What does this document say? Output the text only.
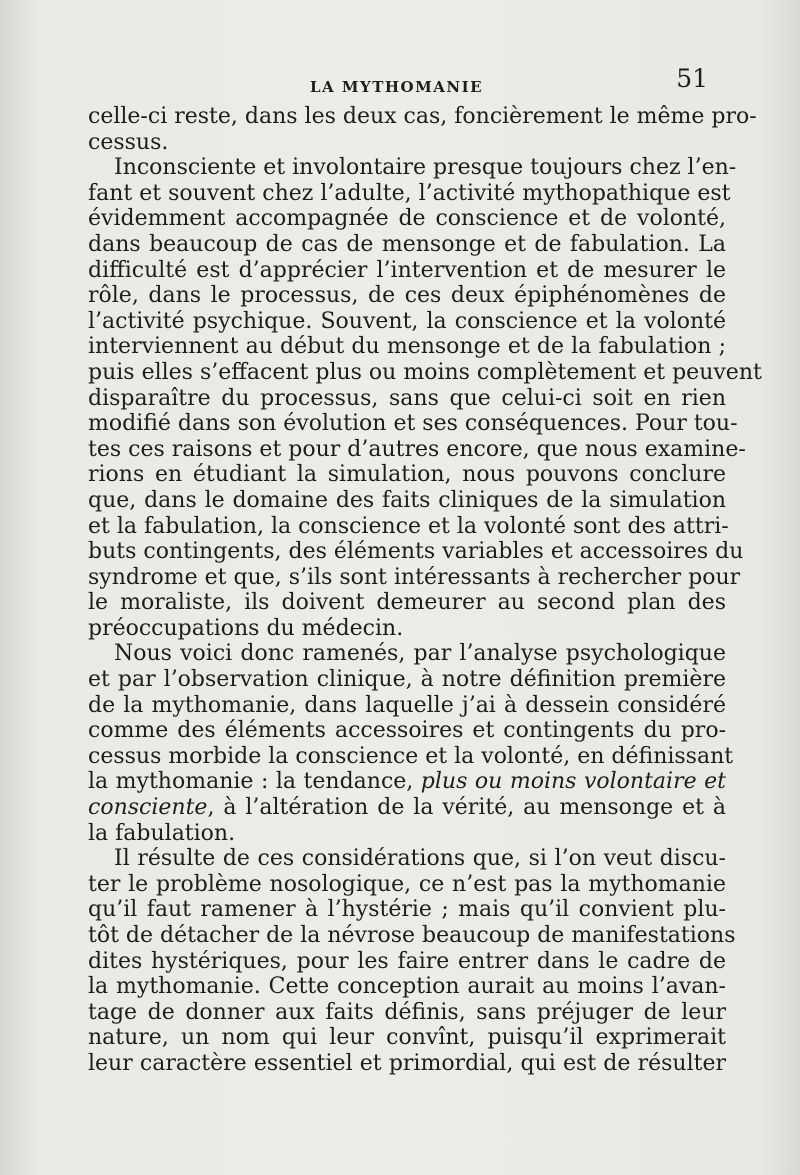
LA MYTHOMANIE	51
celle-ci reste, dans les deux cas, foncièrement le même pro-
cessus.
Inconsciente et involontaire presque toujours chez l’en-
fant et souvent chez l’adulte, l’activité mythopathique est
évidemment accompagnée de conscience et de volonté,
dans beaucoup de cas de mensonge et de fabulation. La
difficulté est d’apprécier l’intervention et de mesurer le
rôle, dans le processus, de ces deux épiphénomènes de
l’activité psychique. Souvent, la conscience et la volonté
interviennent au début du mensonge et de la fabulation ;
puis elles s’effacent plus ou moins complètement et peuvent
disparaître du processus, sans que celui-ci soit en rien
modifié dans son évolution et ses conséquences. Pour tou-
tes ces raisons et pour d’autres encore, que nous examine-
rions en étudiant la simulation, nous pouvons conclure
que, dans le domaine des faits cliniques de la simulation
et la fabulation, la conscience et la volonté sont des attri-
buts contingents, des éléments variables et accessoires du
syndrome et que, s’ils sont intéressants à rechercher pour
le moraliste, ils doivent demeurer au second plan des
préoccupations du médecin.
Nous voici donc ramenés, par l’analyse psychologique
et par l’observation clinique, à notre définition première
de la mythomanie, dans laquelle j’ai à dessein considéré
comme des éléments accessoires et contingents du pro-
cessus morbide la conscience et la volonté, en définissant
la mythomanie : la tendance, plus ou moins volontaire et
consciente, à l’altération de la vérité, au mensonge et à
la fabulation.
Il résulte de ces considérations que, si l’on veut discu-
ter le problème nosologique, ce n’est pas la mythomanie
qu’il faut ramener à l’hystérie ; mais qu’il convient plu-
tôt de détacher de la névrose beaucoup de manifestations
dites hystériques, pour les faire entrer dans le cadre de
la mythomanie. Cette conception aurait au moins l’avan-
tage de donner aux faits définis, sans préjuger de leur
nature, un nom qui leur convînt, puisqu’il exprimerait
leur caractère essentiel et primordial, qui est de résulter
